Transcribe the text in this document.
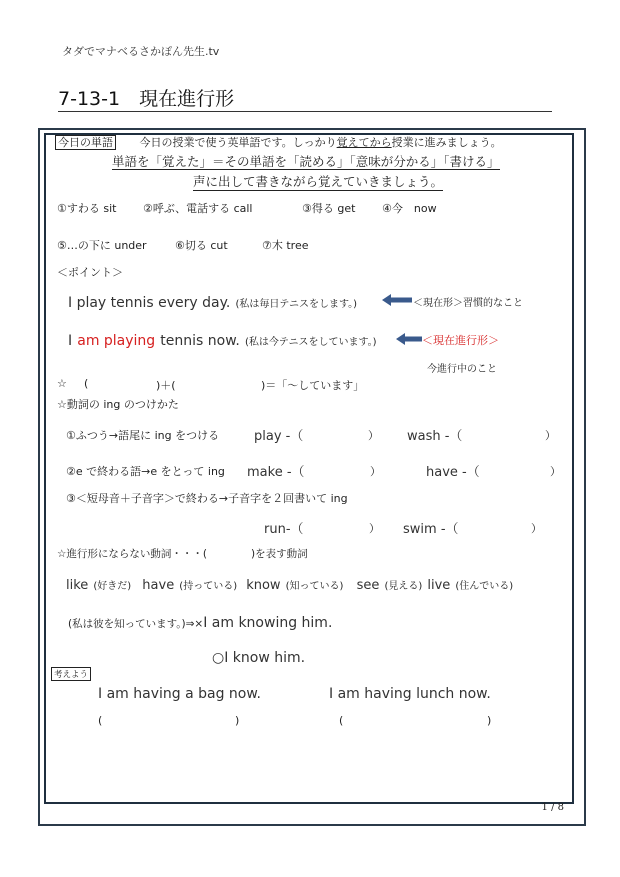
タダでマナベるさかぽん先生.tv
7-13-1　現在進行形
今日の単語 今日の授業で使う英単語です。しっかり覚えてから授業に進みましょう。
単語を「覚えた」＝その単語を「読める」「意味が分かる」「書ける」
声に出して書きながら覚えていきましょう。
①すわる sit ②呼ぶ、電話する call	③得る get ④今　now
⑤…の下に under	⑥切る cut	⑦木 tree
＜ポイント＞
I play tennis every day. (私は毎日テニスをします。)	＜現在形＞習慣的なこと
I am playing tennis now. (私は今テニスをしています。)	＜現在進行形＞
今進行中のこと
☆ (	)＋(	)＝「〜しています」
☆動詞の ing のつけかた
①ふつう→語尾に ing をつける	play -（	） wash -（	）
②e で終わる語→e をとって ing make -（	）	have -（	）
③＜短母音＋子音字＞で終わる→子音字を２回書いて ing
run-（	） swim -（	）
☆進行形にならない動詞・・・(	)を表す動詞
like (好きだ) have (持っている) know (知っている) see (見える) live (住んでいる)
(私は彼を知っています。)⇒×I am knowing him.
○I know him.
考えよう
I am having a bag now.	I am having lunch now.
(	)	(	)
1 / 8
